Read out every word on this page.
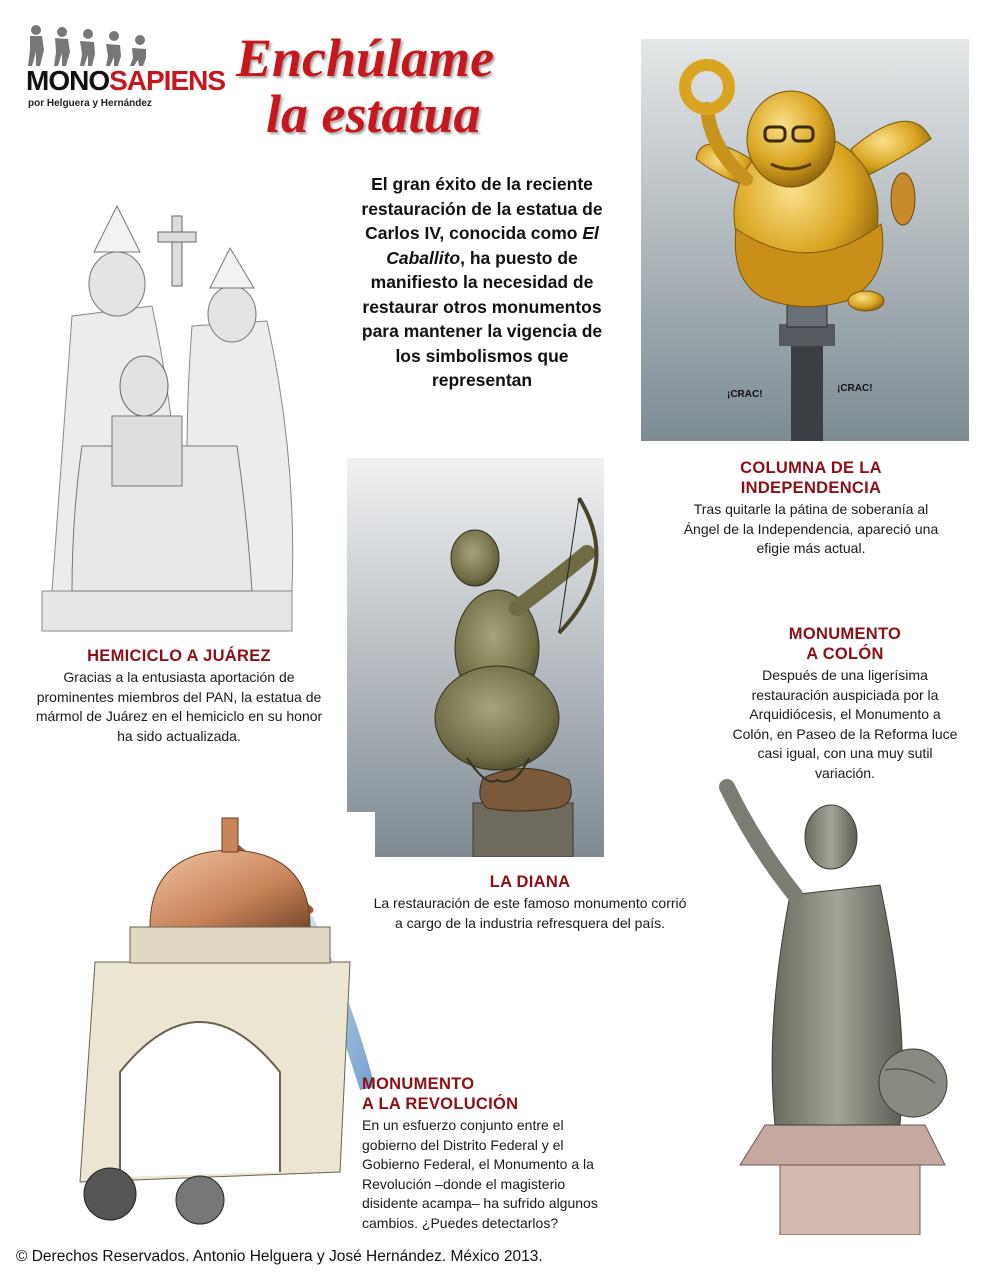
MONOSAPIENS
por Helguera y Hernández
Enchúlame
la estatua
El gran éxito de la reciente restauración de la estatua de Carlos IV, conocida como El Caballito, ha puesto de manifiesto la necesidad de restaurar otros monumentos para mantener la vigencia de los simbolismos que representan
¡CRAC!
¡CRAC!
COLUMNA DE LA
INDEPENDENCIA

Tras quitarle la pátina de soberanía al Ángel de la Independencia, apareció una efigie más actual.

HEMICICLO A JUÁREZ

Gracias a la entusiasta aportación de prominentes miembros del PAN, la estatua de mármol de Juárez en el hemiciclo en su honor ha sido actualizada.

MONUMENTO
A COLÓN

Después de una ligerísima restauración auspiciada por la Arquidiócesis, el Monumento a Colón, en Paseo de la Reforma luce casi igual, con una muy sutil variación.

LA DIANA

La restauración de este famoso monumento corrió a cargo de la industria refresquera del país.

MONUMENTO
A LA REVOLUCIÓN

En un esfuerzo conjunto entre el gobierno del Distrito Federal y el Gobierno Federal, el Monumento a la Revolución –donde el magisterio disidente acampa– ha sufrido algunos cambios. ¿Puedes detectarlos?

© Derechos Reservados. Antonio Helguera y José Hernández. México 2013.
